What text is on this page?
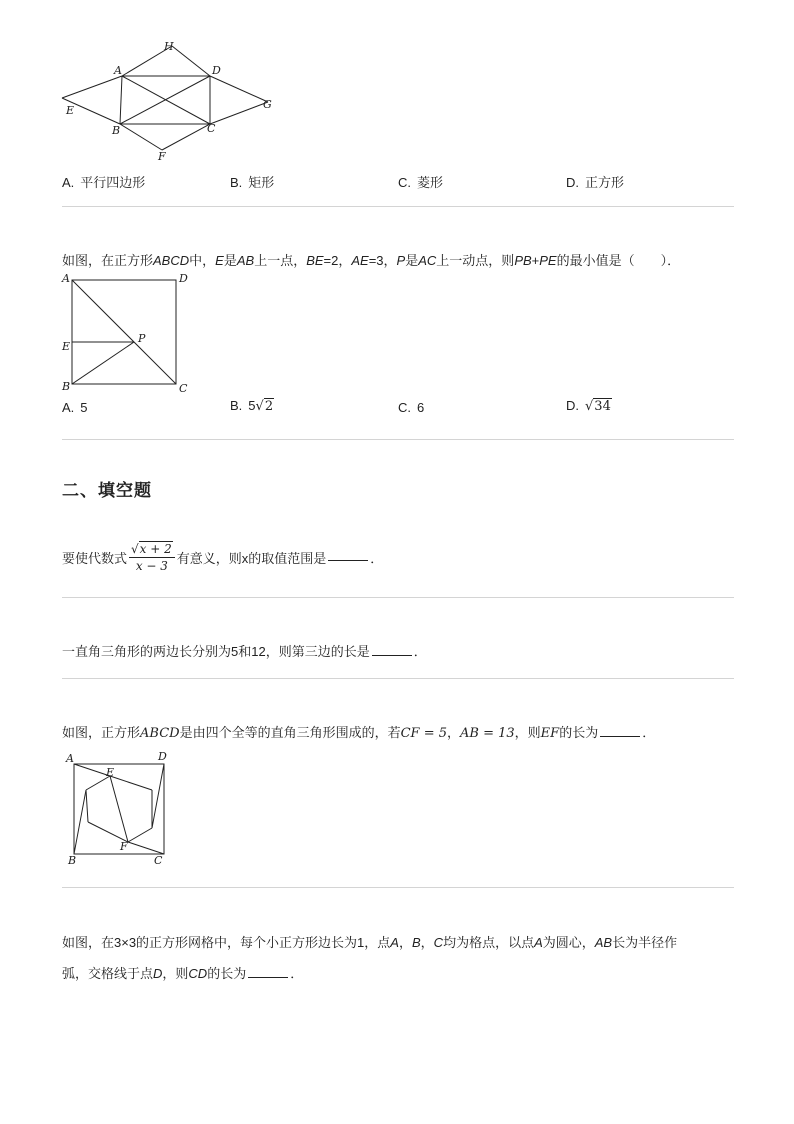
A	D
H
E	G
B	C
F
A. 平行四边形	B. 矩形	C. 菱形	D. 正方形
如图，在正方形ABCD中，E是AB上一点，BE=2，AE=3，P是AC上一动点，则PB+PE的最小值是（　　）．
A	D
E
P
B	C
A. 5	B. 5√2	C. 6	D. √34
二、填空题
要使代数式 $\frac{√x + 2}{x - 3}$ 有意义，则x的取值范围是	．
一直角三角形的两边长分别为5和12，则第三边的长是	．
如图，正方形ABCD是由四个全等的直角三角形围成的，若CF = 5，AB = 13，则EF的长为	．
A	D
E
F
B	C
如图，在3×3的正方形网格中，每个小正方形边长为1，点A，B，C均为格点，以点A为圆心，AB长为半径作
弧，交格线于点D，则CD的长为	．
